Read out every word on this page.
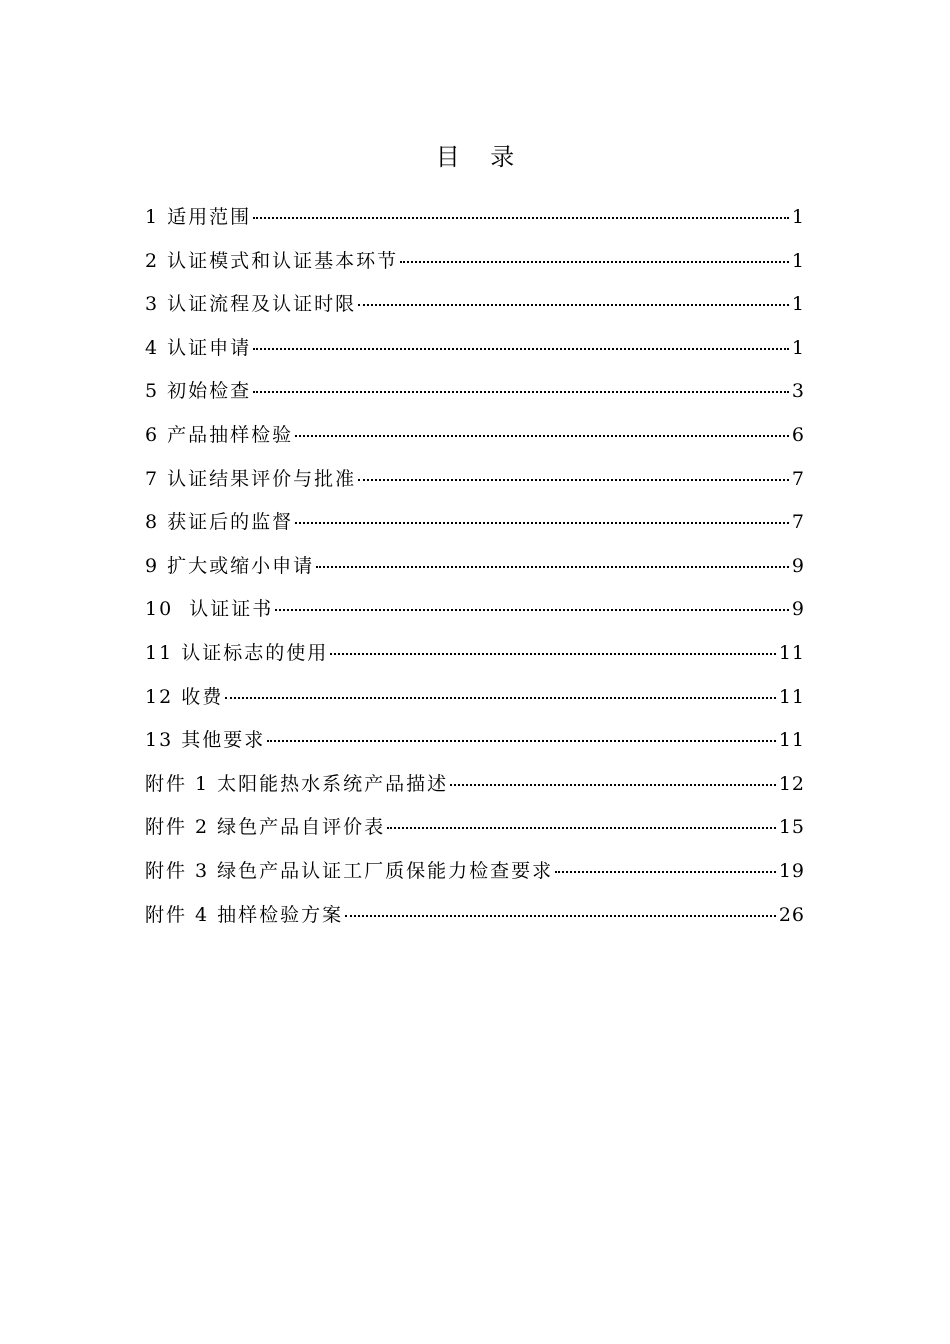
目    录
1 适用范围	1
2 认证模式和认证基本环节	1
3 认证流程及认证时限	1
4 认证申请	1
5 初始检查	3
6 产品抽样检验	6
7 认证结果评价与批准	7
8 获证后的监督	7
9 扩大或缩小申请	9
10  认证证书	9
11 认证标志的使用	11
12 收费	11
13 其他要求	11
附件 1 太阳能热水系统产品描述	12
附件 2 绿色产品自评价表	15
附件 3 绿色产品认证工厂质保能力检查要求	19
附件 4 抽样检验方案	26
